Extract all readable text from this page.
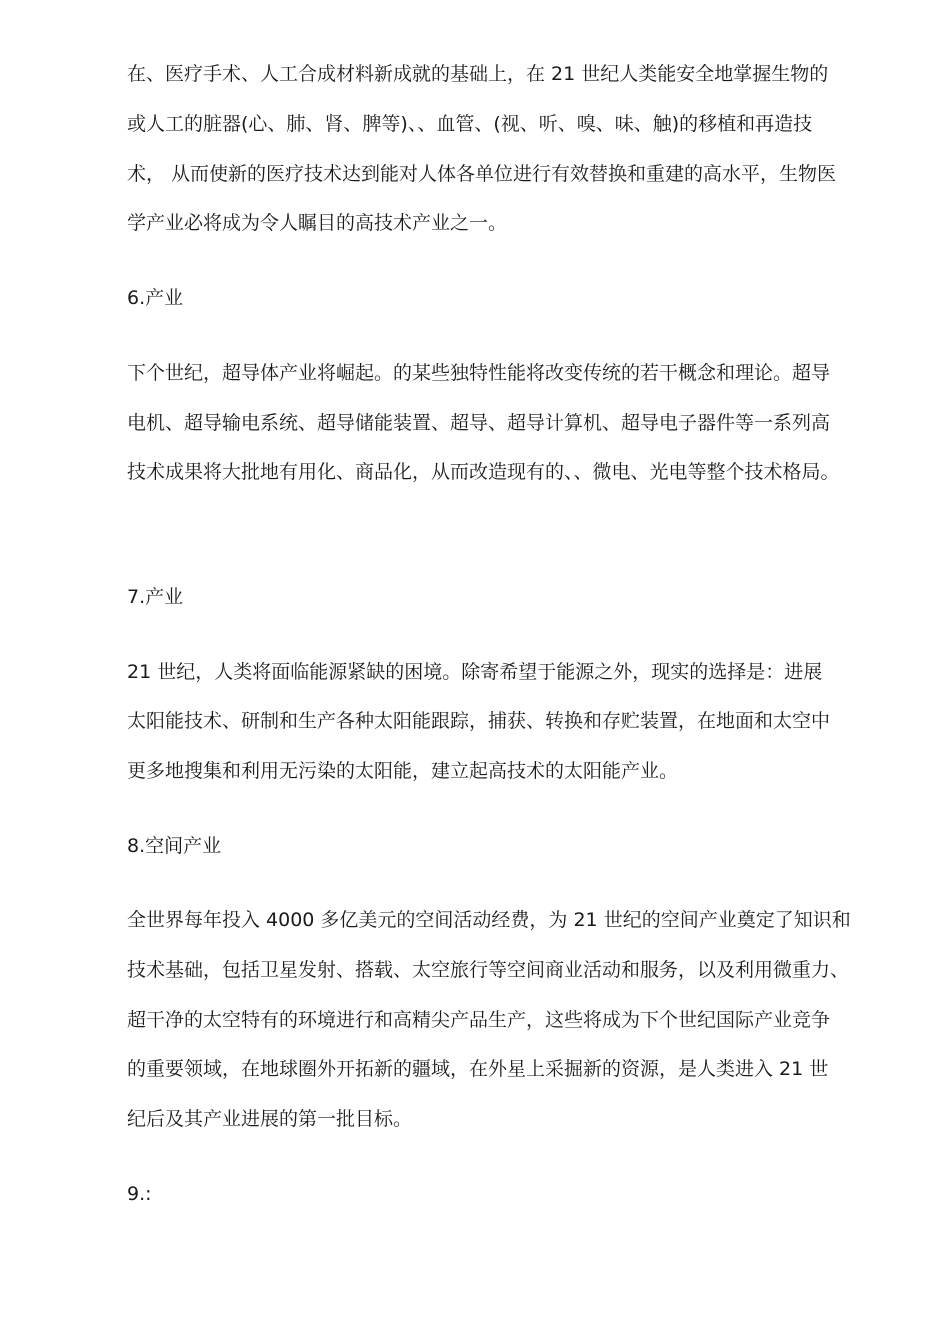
在、医疗手术、人工合成材料新成就的基础上，在 21 世纪人类能安全地掌握生物的
或人工的脏器(心、肺、肾、脾等)、、血管、(视、听、嗅、味、触)的移植和再造技
术， 从而使新的医疗技术达到能对人体各单位进行有效替换和重建的高水平，生物医
学产业必将成为令人瞩目的高技术产业之一。
6.产业
下个世纪，超导体产业将崛起。的某些独特性能将改变传统的若干概念和理论。超导
电机、超导输电系统、超导储能装置、超导、超导计算机、超导电子器件等一系列高
技术成果将大批地有用化、商品化，从而改造现有的、、微电、光电等整个技术格局。
7.产业
21 世纪，人类将面临能源紧缺的困境。除寄希望于能源之外，现实的选择是：进展
太阳能技术、研制和生产各种太阳能跟踪，捕获、转换和存贮装置，在地面和太空中
更多地搜集和利用无污染的太阳能，建立起高技术的太阳能产业。
8.空间产业
全世界每年投入 4000 多亿美元的空间活动经费，为 21 世纪的空间产业奠定了知识和
技术基础，包括卫星发射、搭载、太空旅行等空间商业活动和服务，以及利用微重力、
超干净的太空特有的环境进行和高精尖产品生产，这些将成为下个世纪国际产业竞争
的重要领域，在地球圈外开拓新的疆域，在外星上采掘新的资源，是人类进入 21 世
纪后及其产业进展的第一批目标。
9.:
